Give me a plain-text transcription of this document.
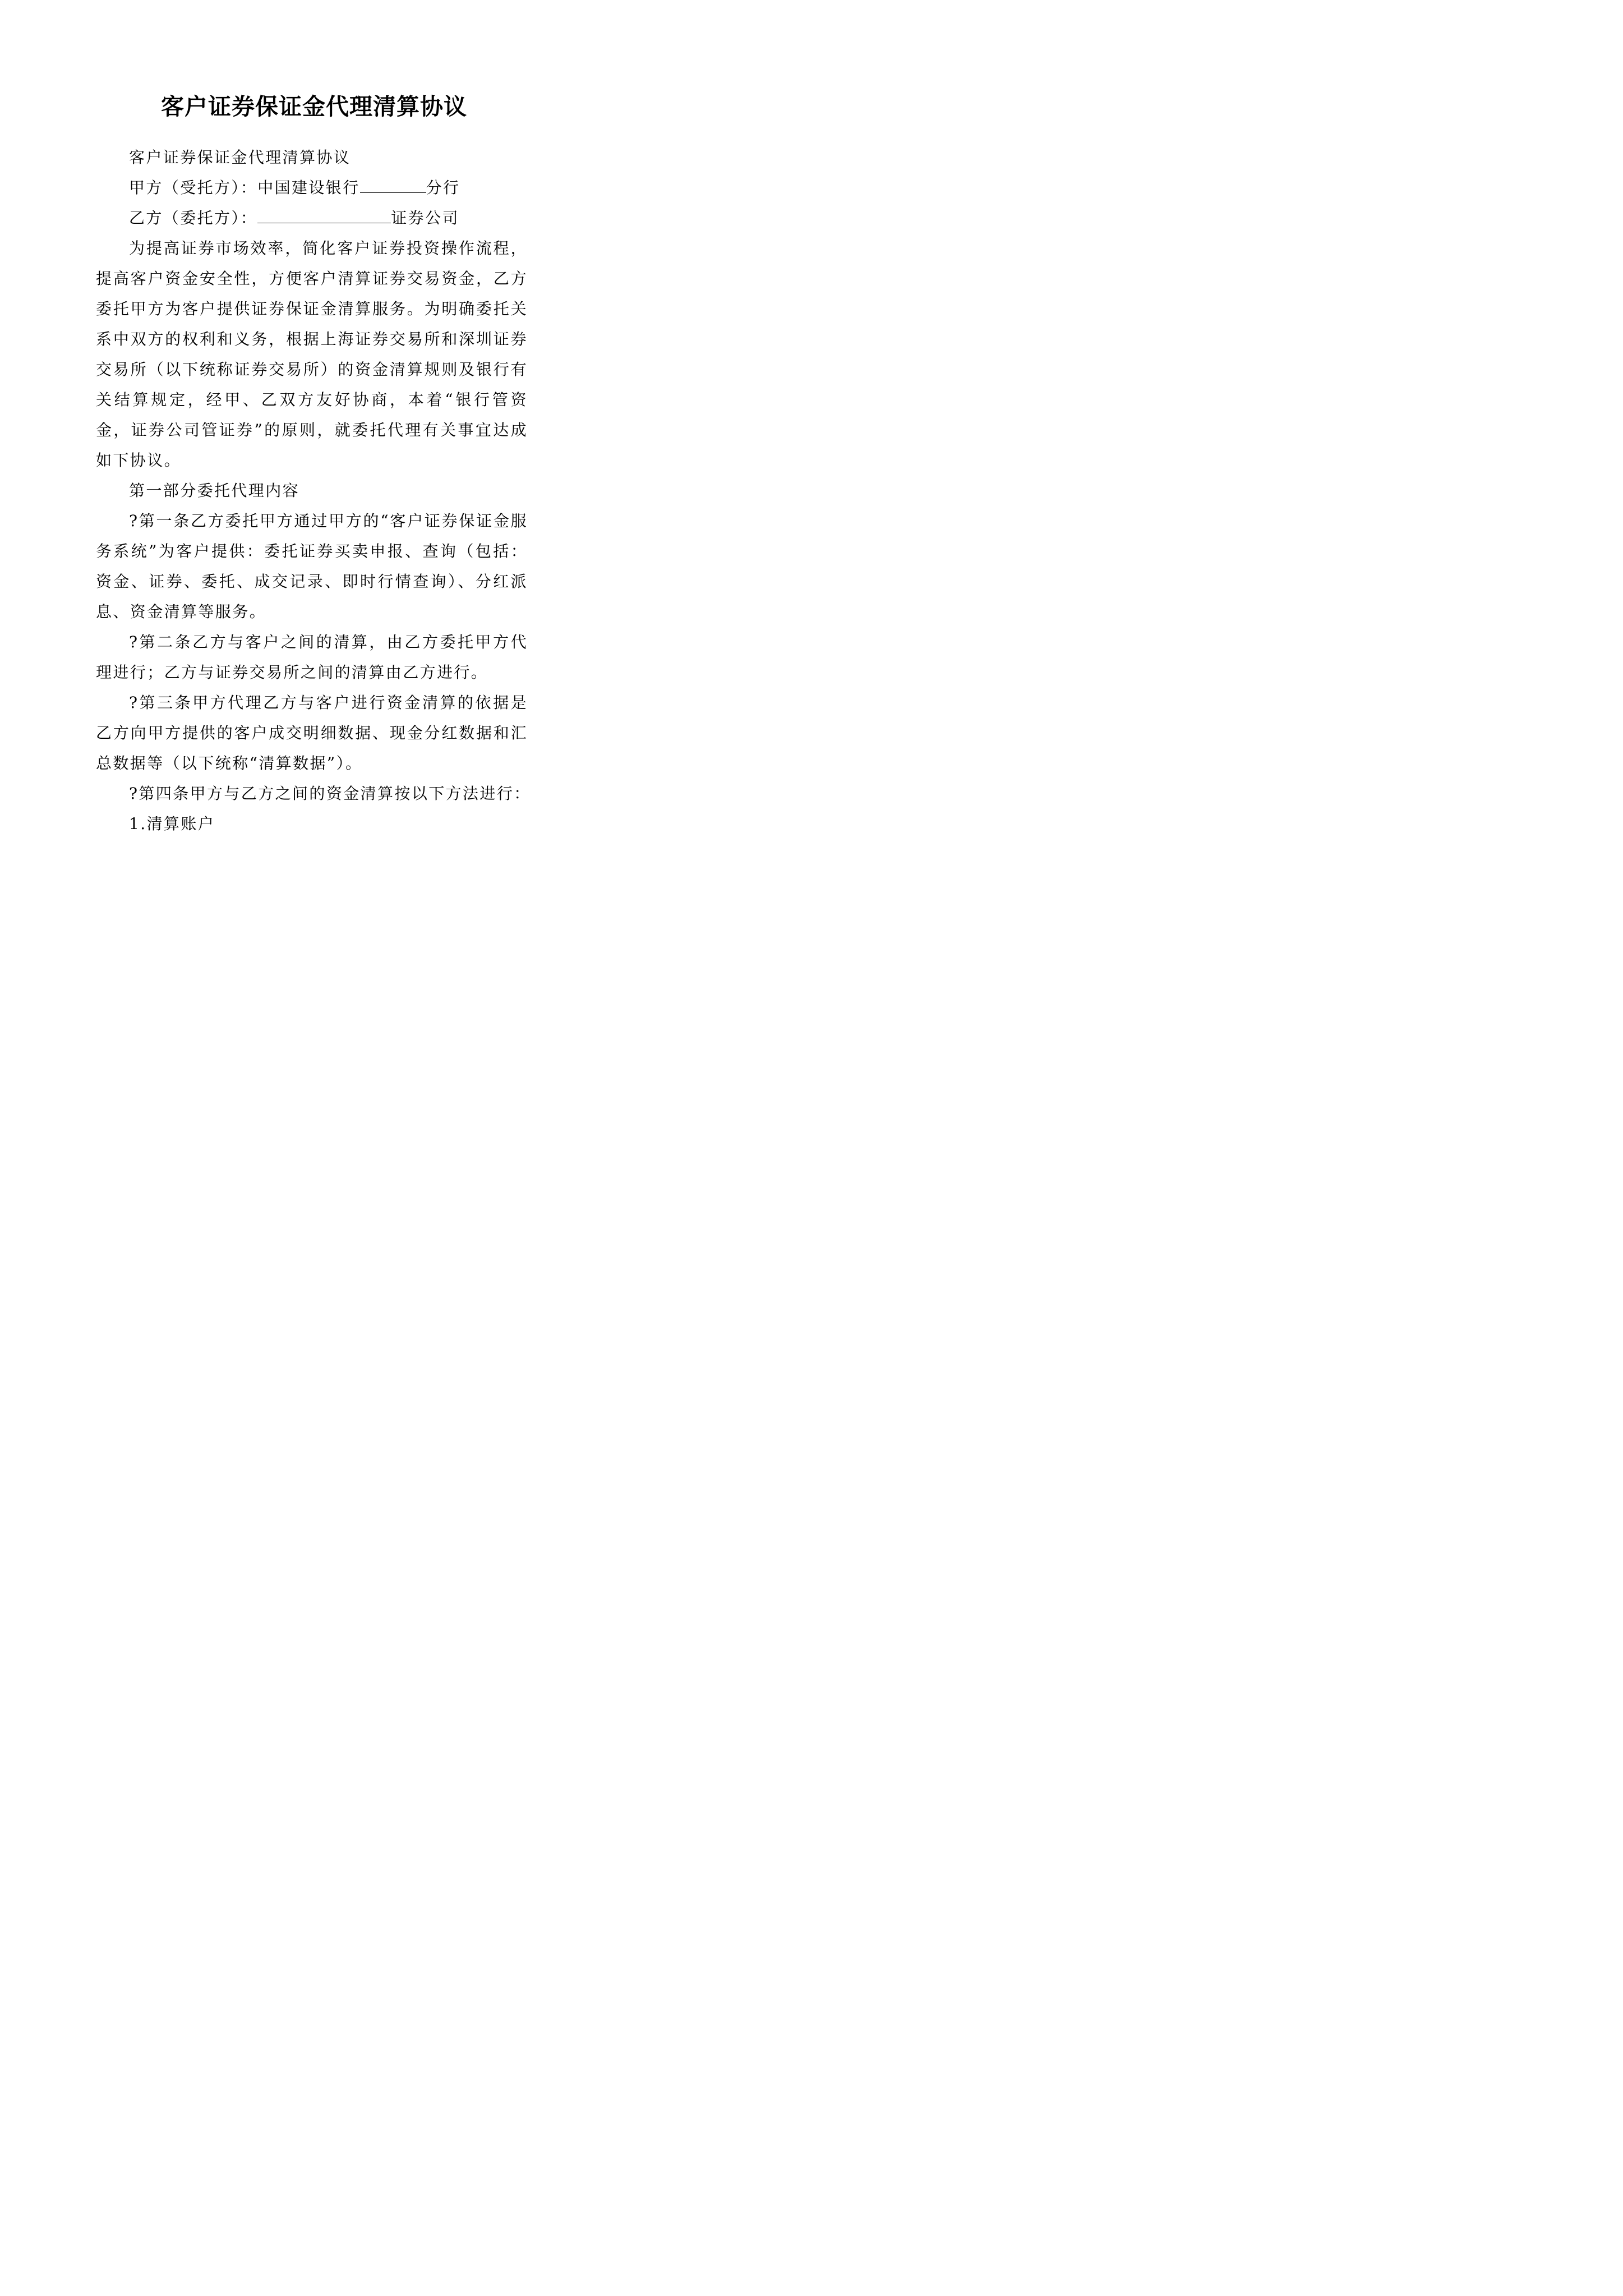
客户证券保证金代理清算协议

客户证券保证金代理清算协议

甲方（受托方）：中国建设银行	分行

乙方（委托方）：	证券公司

为提高证券市场效率，简化客户证券投资操作流程，提高客户资金安全性，方便客户清算证券交易资金，乙方委托甲方为客户提供证券保证金清算服务。为明确委托关系中双方的权利和义务，根据上海证券交易所和深圳证券交易所（以下统称证券交易所）的资金清算规则及银行有关结算规定，经甲、乙双方友好协商，本着“银行管资金，证券公司管证券”的原则，就委托代理有关事宜达成如下协议。

第一部分委托代理内容

?第一条乙方委托甲方通过甲方的“客户证券保证金服务系统”为客户提供：委托证券买卖申报、查询（包括：资金、证券、委托、成交记录、即时行情查询）、分红派息、资金清算等服务。

?第二条乙方与客户之间的清算，由乙方委托甲方代理进行；乙方与证券交易所之间的清算由乙方进行。

?第三条甲方代理乙方与客户进行资金清算的依据是乙方向甲方提供的客户成交明细数据、现金分红数据和汇总数据等（以下统称“清算数据”）。

?第四条甲方与乙方之间的资金清算按以下方法进行：

1.清算账户
